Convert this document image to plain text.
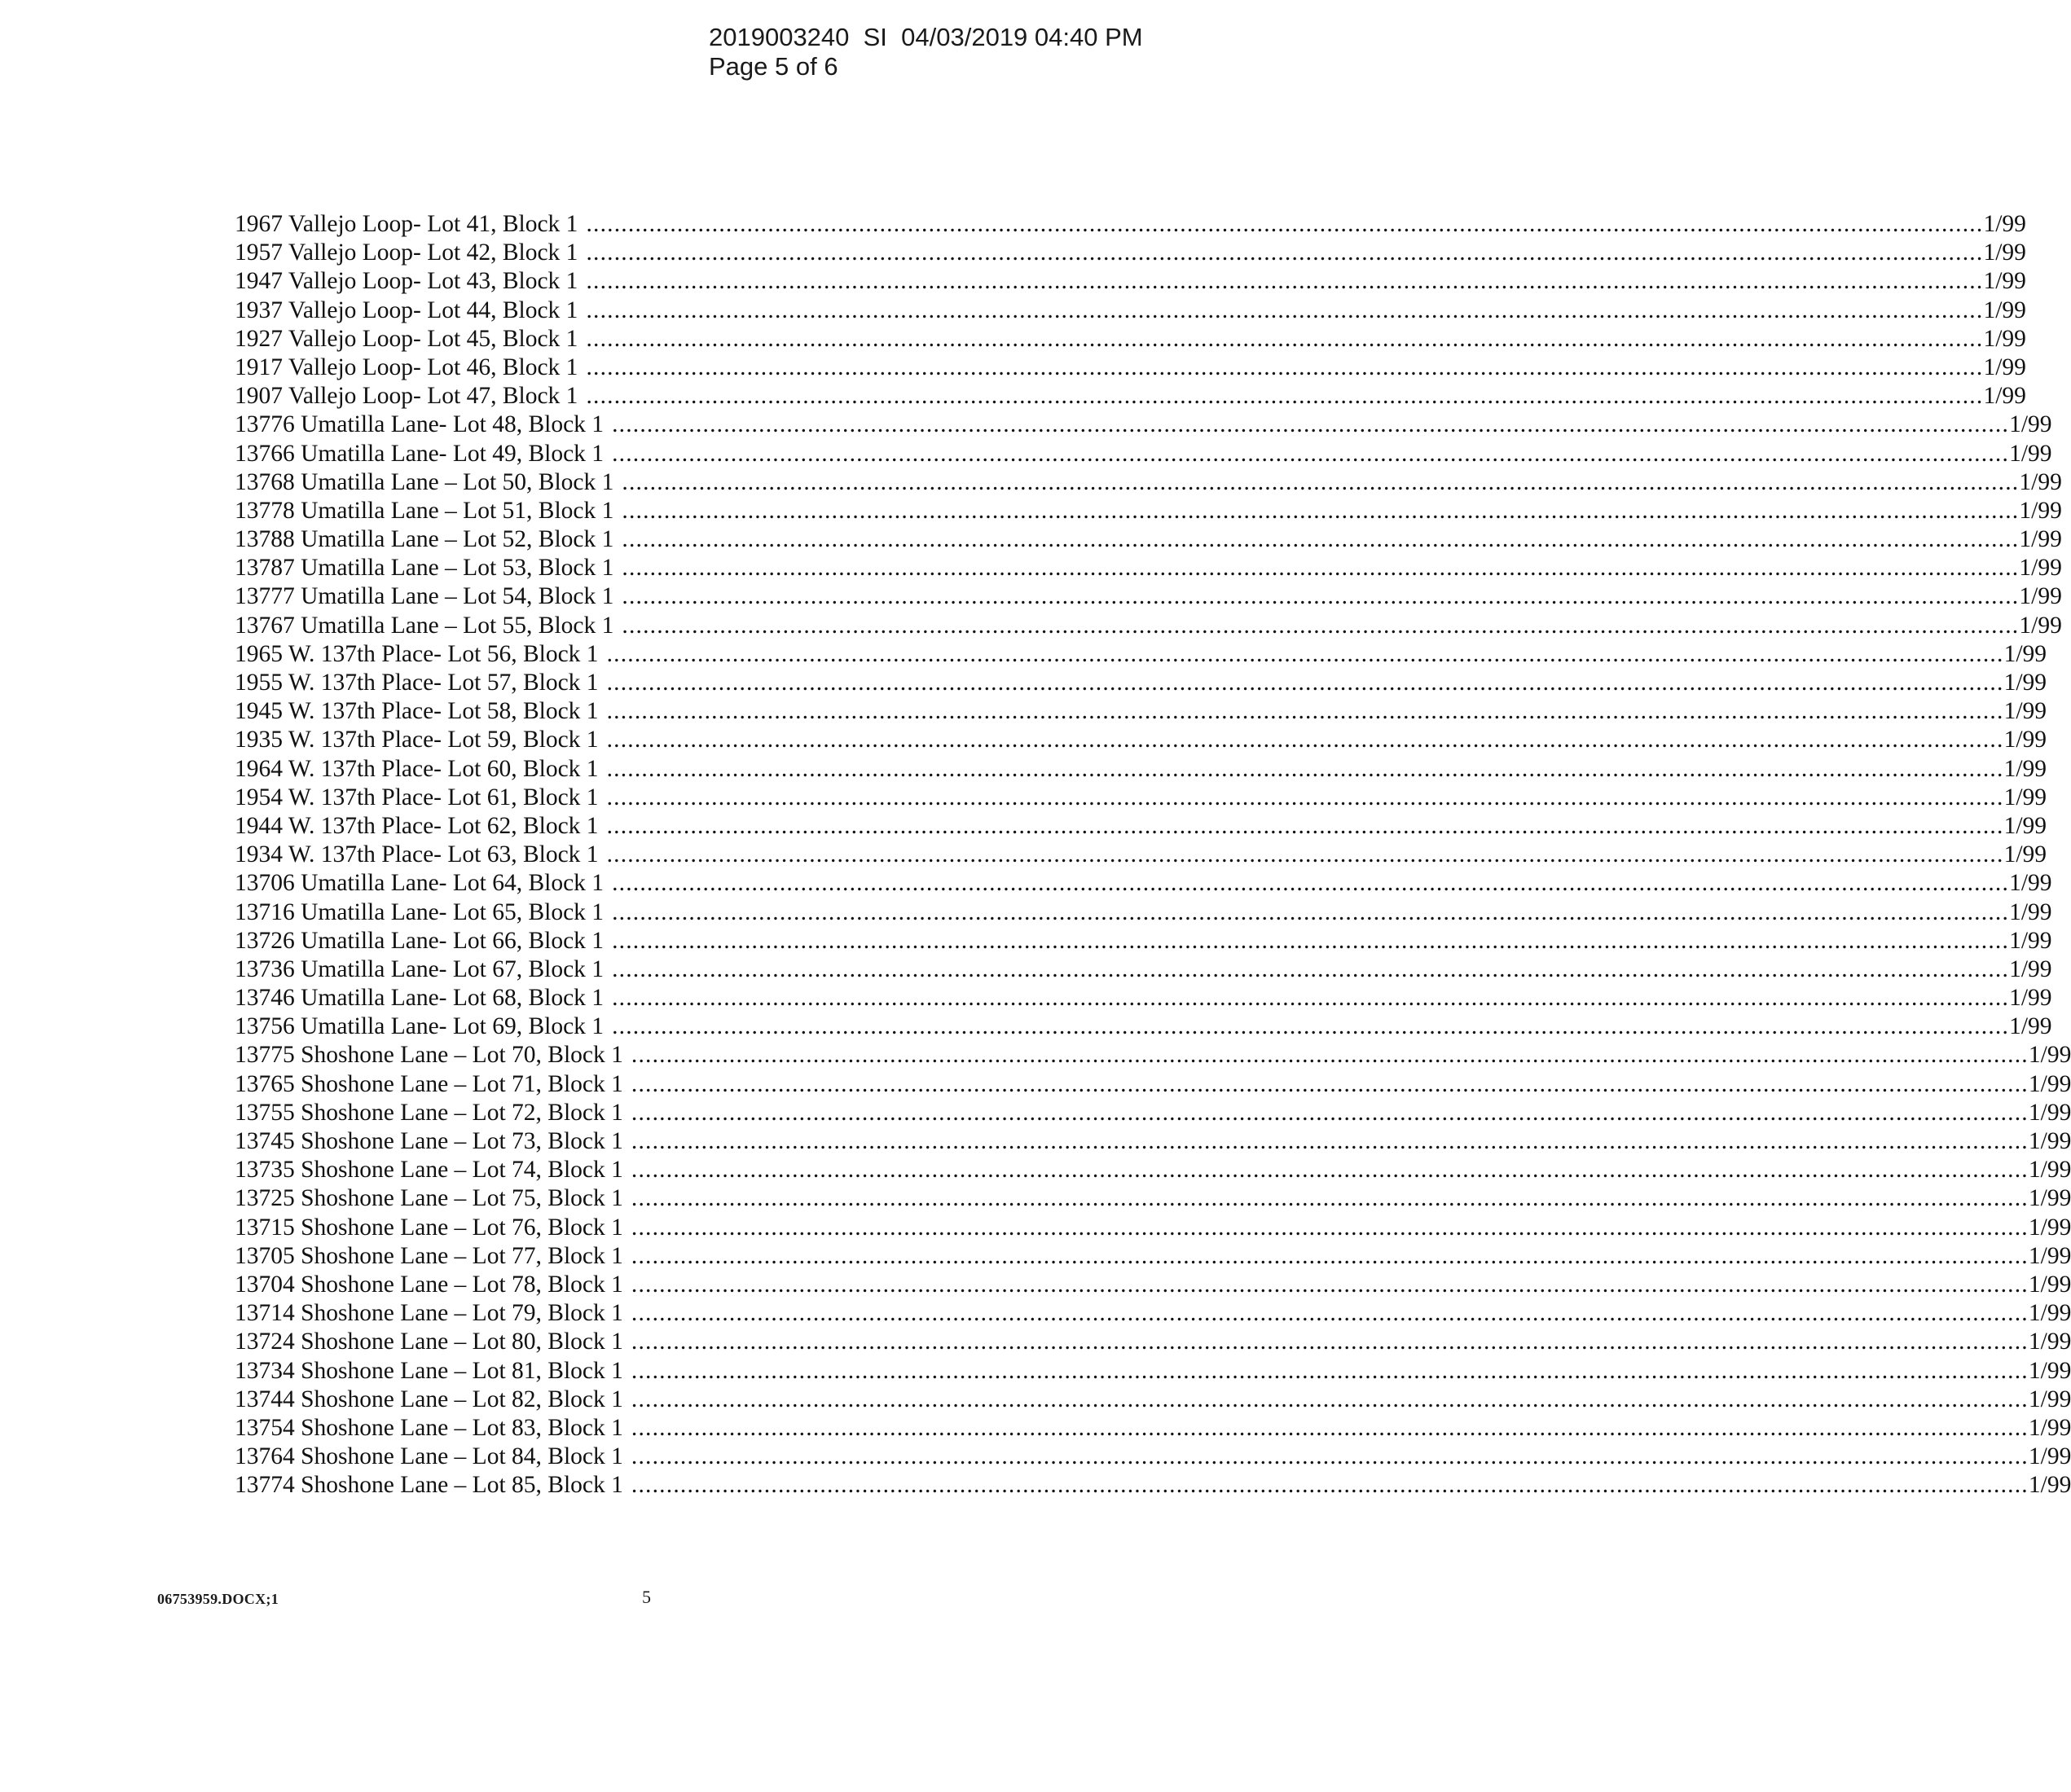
2019003240  SI  04/03/2019 04:40 PM
Page 5 of 6
1967 Vallejo Loop- Lot 41, Block 1 ........................................................................................................................................................................................................ 1/99
1957 Vallejo Loop- Lot 42, Block 1 ........................................................................................................................................................................................................ 1/99
1947 Vallejo Loop- Lot 43, Block 1 ........................................................................................................................................................................................................ 1/99
1937 Vallejo Loop- Lot 44, Block 1 ........................................................................................................................................................................................................ 1/99
1927 Vallejo Loop- Lot 45, Block 1 ........................................................................................................................................................................................................ 1/99
1917 Vallejo Loop- Lot 46, Block 1 ........................................................................................................................................................................................................ 1/99
1907 Vallejo Loop- Lot 47, Block 1 ........................................................................................................................................................................................................ 1/99
13776 Umatilla Lane- Lot 48, Block 1 ........................................................................................................................................................................................................ 1/99
13766 Umatilla Lane- Lot 49, Block 1 ........................................................................................................................................................................................................ 1/99
13768 Umatilla Lane – Lot 50, Block 1 ........................................................................................................................................................................................................ 1/99
13778 Umatilla Lane – Lot 51, Block 1 ........................................................................................................................................................................................................ 1/99
13788 Umatilla Lane – Lot 52, Block 1 ........................................................................................................................................................................................................ 1/99
13787 Umatilla Lane – Lot 53, Block 1 ........................................................................................................................................................................................................ 1/99
13777 Umatilla Lane – Lot 54, Block 1 ........................................................................................................................................................................................................ 1/99
13767 Umatilla Lane – Lot 55, Block 1 ........................................................................................................................................................................................................ 1/99
1965 W. 137th Place- Lot 56, Block 1 ........................................................................................................................................................................................................ 1/99
1955 W. 137th Place- Lot 57, Block 1 ........................................................................................................................................................................................................ 1/99
1945 W. 137th Place- Lot 58, Block 1 ........................................................................................................................................................................................................ 1/99
1935 W. 137th Place- Lot 59, Block 1 ........................................................................................................................................................................................................ 1/99
1964 W. 137th Place- Lot 60, Block 1 ........................................................................................................................................................................................................ 1/99
1954 W. 137th Place- Lot 61, Block 1 ........................................................................................................................................................................................................ 1/99
1944 W. 137th Place- Lot 62, Block 1 ........................................................................................................................................................................................................ 1/99
1934 W. 137th Place- Lot 63, Block 1 ........................................................................................................................................................................................................ 1/99
13706 Umatilla Lane- Lot 64, Block 1 ........................................................................................................................................................................................................ 1/99
13716 Umatilla Lane- Lot 65, Block 1 ........................................................................................................................................................................................................ 1/99
13726 Umatilla Lane- Lot 66, Block 1 ........................................................................................................................................................................................................ 1/99
13736 Umatilla Lane- Lot 67, Block 1 ........................................................................................................................................................................................................ 1/99
13746 Umatilla Lane- Lot 68, Block 1 ........................................................................................................................................................................................................ 1/99
13756 Umatilla Lane- Lot 69, Block 1 ........................................................................................................................................................................................................ 1/99
13775 Shoshone Lane – Lot 70, Block 1 ........................................................................................................................................................................................................ 1/99
13765 Shoshone Lane – Lot 71, Block 1 ........................................................................................................................................................................................................ 1/99
13755 Shoshone Lane – Lot 72, Block 1 ........................................................................................................................................................................................................ 1/99
13745 Shoshone Lane – Lot 73, Block 1 ........................................................................................................................................................................................................ 1/99
13735 Shoshone Lane – Lot 74, Block 1 ........................................................................................................................................................................................................ 1/99
13725 Shoshone Lane – Lot 75, Block 1 ........................................................................................................................................................................................................ 1/99
13715 Shoshone Lane – Lot 76, Block 1 ........................................................................................................................................................................................................ 1/99
13705 Shoshone Lane – Lot 77, Block 1 ........................................................................................................................................................................................................ 1/99
13704 Shoshone Lane – Lot 78, Block 1 ........................................................................................................................................................................................................ 1/99
13714 Shoshone Lane – Lot 79, Block 1 ........................................................................................................................................................................................................ 1/99
13724 Shoshone Lane – Lot 80, Block 1 ........................................................................................................................................................................................................ 1/99
13734 Shoshone Lane – Lot 81, Block 1 ........................................................................................................................................................................................................ 1/99
13744 Shoshone Lane – Lot 82, Block 1 ........................................................................................................................................................................................................ 1/99
13754 Shoshone Lane – Lot 83, Block 1 ........................................................................................................................................................................................................ 1/99
13764 Shoshone Lane – Lot 84, Block 1 ........................................................................................................................................................................................................ 1/99
13774 Shoshone Lane – Lot 85, Block 1 ........................................................................................................................................................................................................ 1/99
06753959.DOCX;1	5
